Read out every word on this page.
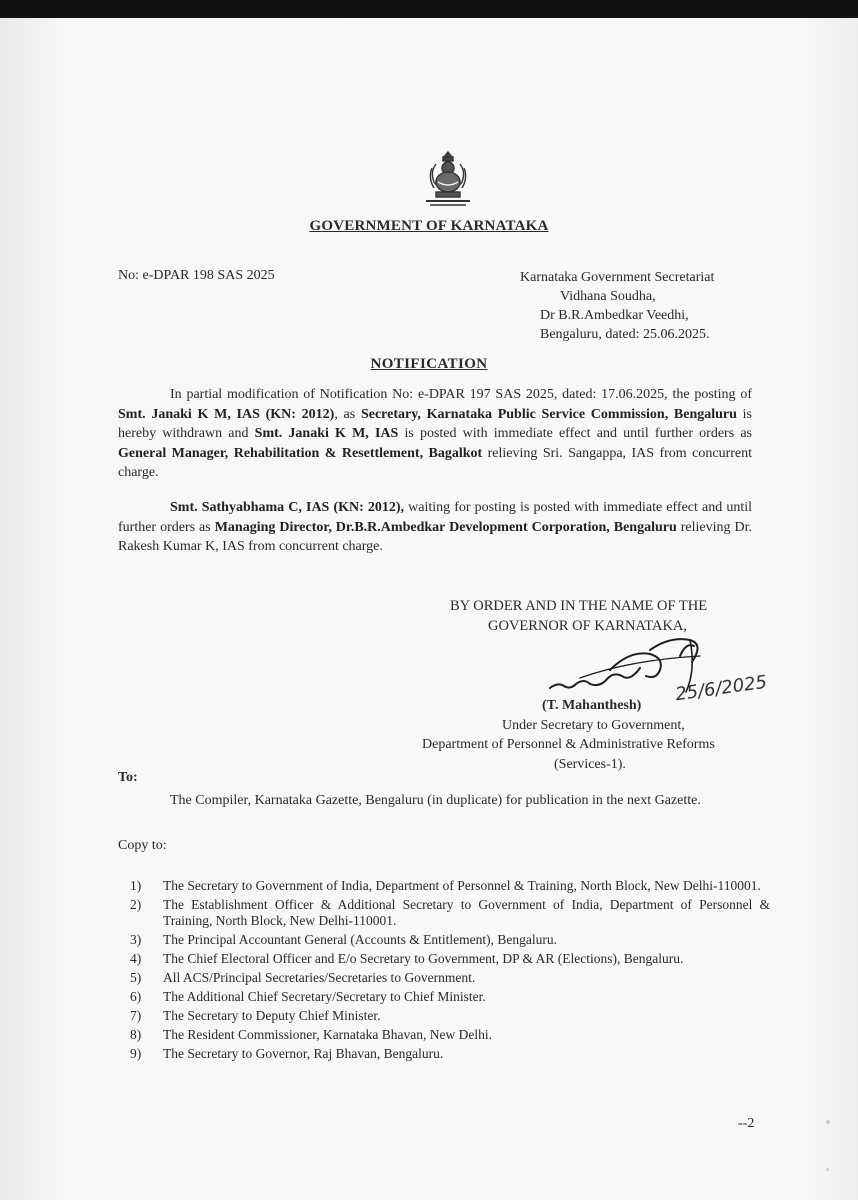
GOVERNMENT OF KARNATAKA
No: e-DPAR 198 SAS 2025	Karnataka Government Secretariat
Vidhana Soudha,
Dr B.R.Ambedkar Veedhi,
Bengaluru, dated: 25.06.2025.
NOTIFICATION
In partial modification of Notification No: e-DPAR 197 SAS 2025, dated: 17.06.2025, the posting of Smt. Janaki K M, IAS (KN: 2012), as Secretary, Karnataka Public Service Commission, Bengaluru is hereby withdrawn and Smt. Janaki K M, IAS is posted with immediate effect and until further orders as General Manager, Rehabilitation & Resettlement, Bagalkot relieving Sri. Sangappa, IAS from concurrent charge.
Smt. Sathyabhama C, IAS (KN: 2012), waiting for posting is posted with immediate effect and until further orders as Managing Director, Dr.B.R.Ambedkar Development Corporation, Bengaluru relieving Dr. Rakesh Kumar K, IAS from concurrent charge.
BY ORDER AND IN THE NAME OF THE
GOVERNOR OF KARNATAKA,
25/6/2025
(T. Mahanthesh)
Under Secretary to Government,
Department of Personnel & Administrative Reforms
(Services-1).
To:
The Compiler, Karnataka Gazette, Bengaluru (in duplicate) for publication in the next Gazette.
Copy to:
1)	The Secretary to Government of India, Department of Personnel & Training, North Block, New Delhi-110001.
2)	The Establishment Officer & Additional Secretary to Government of India, Department of Personnel & Training, North Block, New Delhi-110001.
3)	The Principal Accountant General (Accounts & Entitlement), Bengaluru.
4)	The Chief Electoral Officer and E/o Secretary to Government, DP & AR (Elections), Bengaluru.
5)	All ACS/Principal Secretaries/Secretaries to Government.
6)	The Additional Chief Secretary/Secretary to Chief Minister.
7)	The Secretary to Deputy Chief Minister.
8)	The Resident Commissioner, Karnataka Bhavan, New Delhi.
9)	The Secretary to Governor, Raj Bhavan, Bengaluru.
--2
